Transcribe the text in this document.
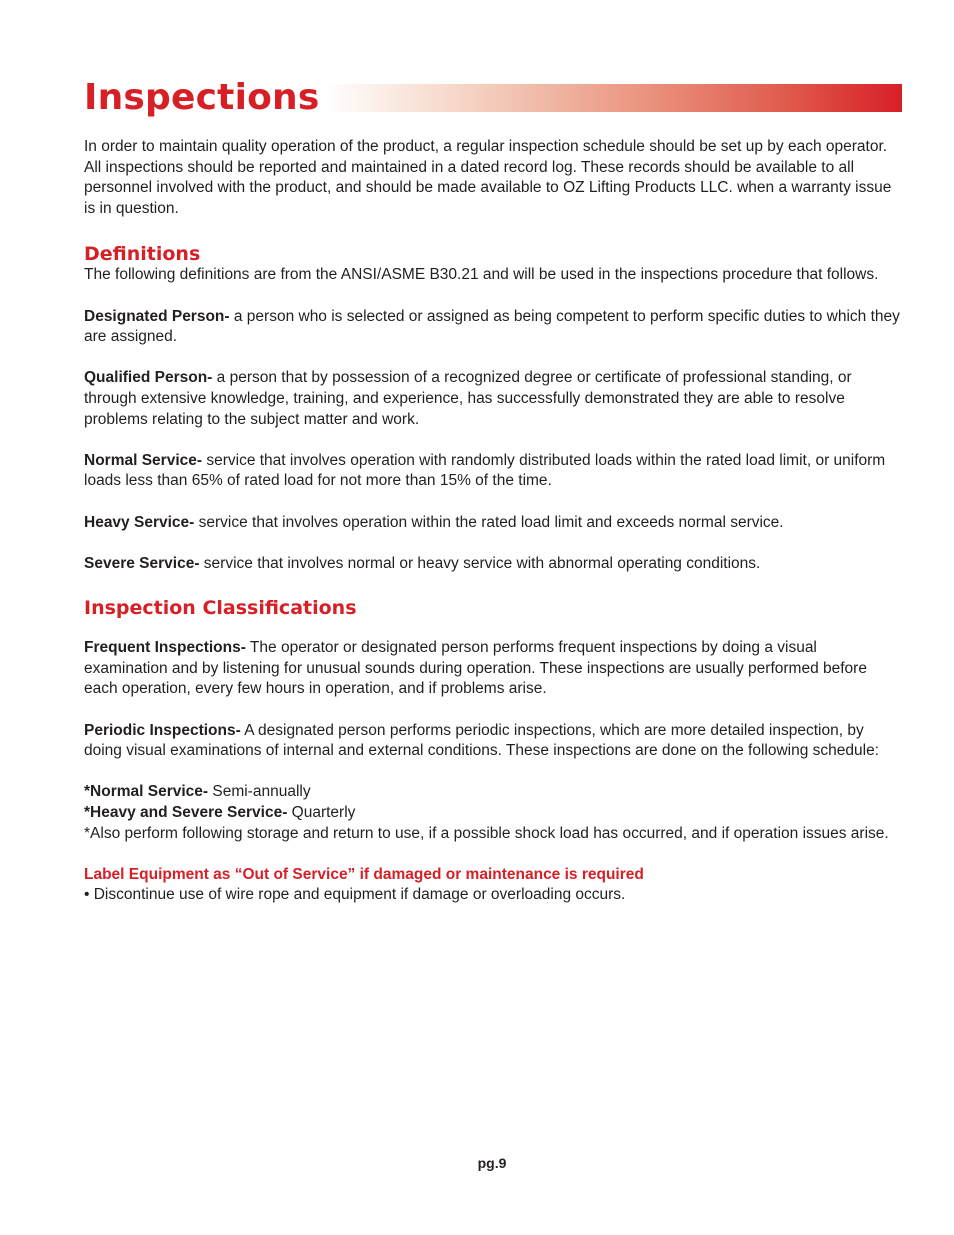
Inspections

In order to maintain quality operation of the product, a regular inspection schedule should be set up by each operator. All inspections should be reported and maintained in a dated record log. These records should be available to all personnel involved with the product, and should be made available to OZ Lifting Products LLC. when a warranty issue is in question.

Definitions

The following definitions are from the ANSI/ASME B30.21 and will be used in the inspections procedure that follows.

Designated Person- a person who is selected or assigned as being competent to perform specific duties to which they are assigned.

Qualified Person- a person that by possession of a recognized degree or certificate of professional standing, or through extensive knowledge, training, and experience, has successfully demonstrated they are able to resolve problems relating to the subject matter and work.

Normal Service- service that involves operation with randomly distributed loads within the rated load limit, or uniform loads less than 65% of rated load for not more than 15% of the time.

Heavy Service- service that involves operation within the rated load limit and exceeds normal service.

Severe Service- service that involves normal or heavy service with abnormal operating conditions.

Inspection Classifications

Frequent Inspections- The operator or designated person performs frequent inspections by doing a visual examination and by listening for unusual sounds during operation. These inspections are usually performed before each operation, every few hours in operation, and if problems arise.

Periodic Inspections- A designated person performs periodic inspections, which are more detailed inspection, by doing visual examinations of internal and external conditions. These inspections are done on the following schedule:

*Normal Service- Semi-annually

*Heavy and Severe Service- Quarterly

*Also perform following storage and return to use, if a possible shock load has occurred, and if operation issues arise.

Label Equipment as “Out of Service” if damaged or maintenance is required

• Discontinue use of wire rope and equipment if damage or overloading occurs.

pg.9
